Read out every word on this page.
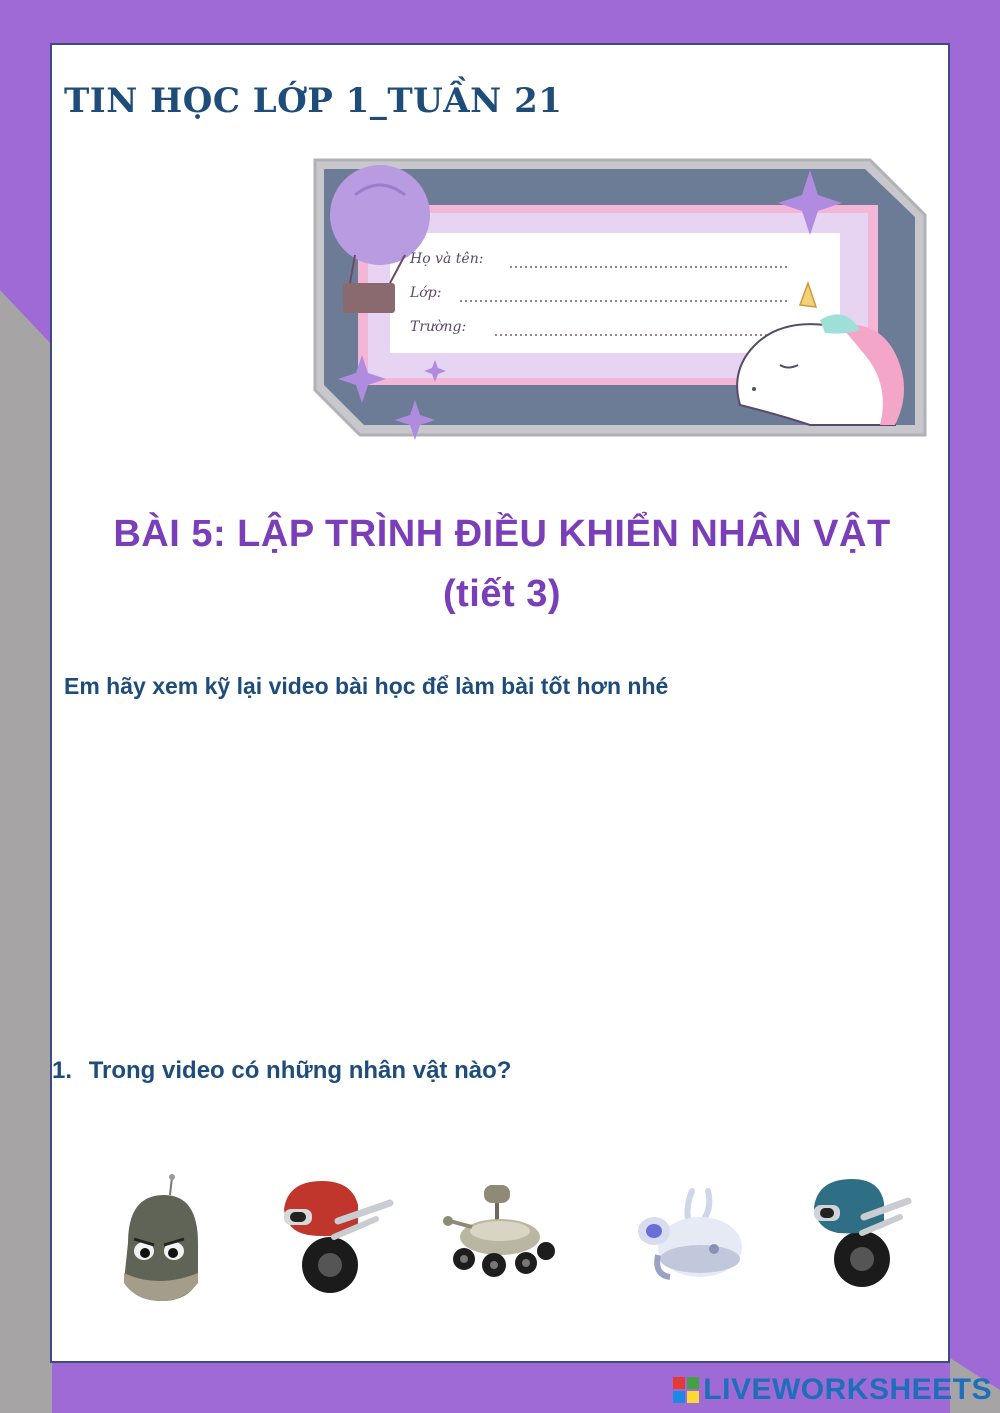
TIN HỌC LỚP 1_TUẦN 21
Họ và tên:
Lớp:
Trường:
BÀI 5: LẬP TRÌNH ĐIỀU KHIỂN NHÂN VẬT
(tiết 3)
Em hãy xem kỹ lại video bài học để làm bài tốt hơn nhé
1. Trong video có những nhân vật nào?
LIVEWORKSHEETS
